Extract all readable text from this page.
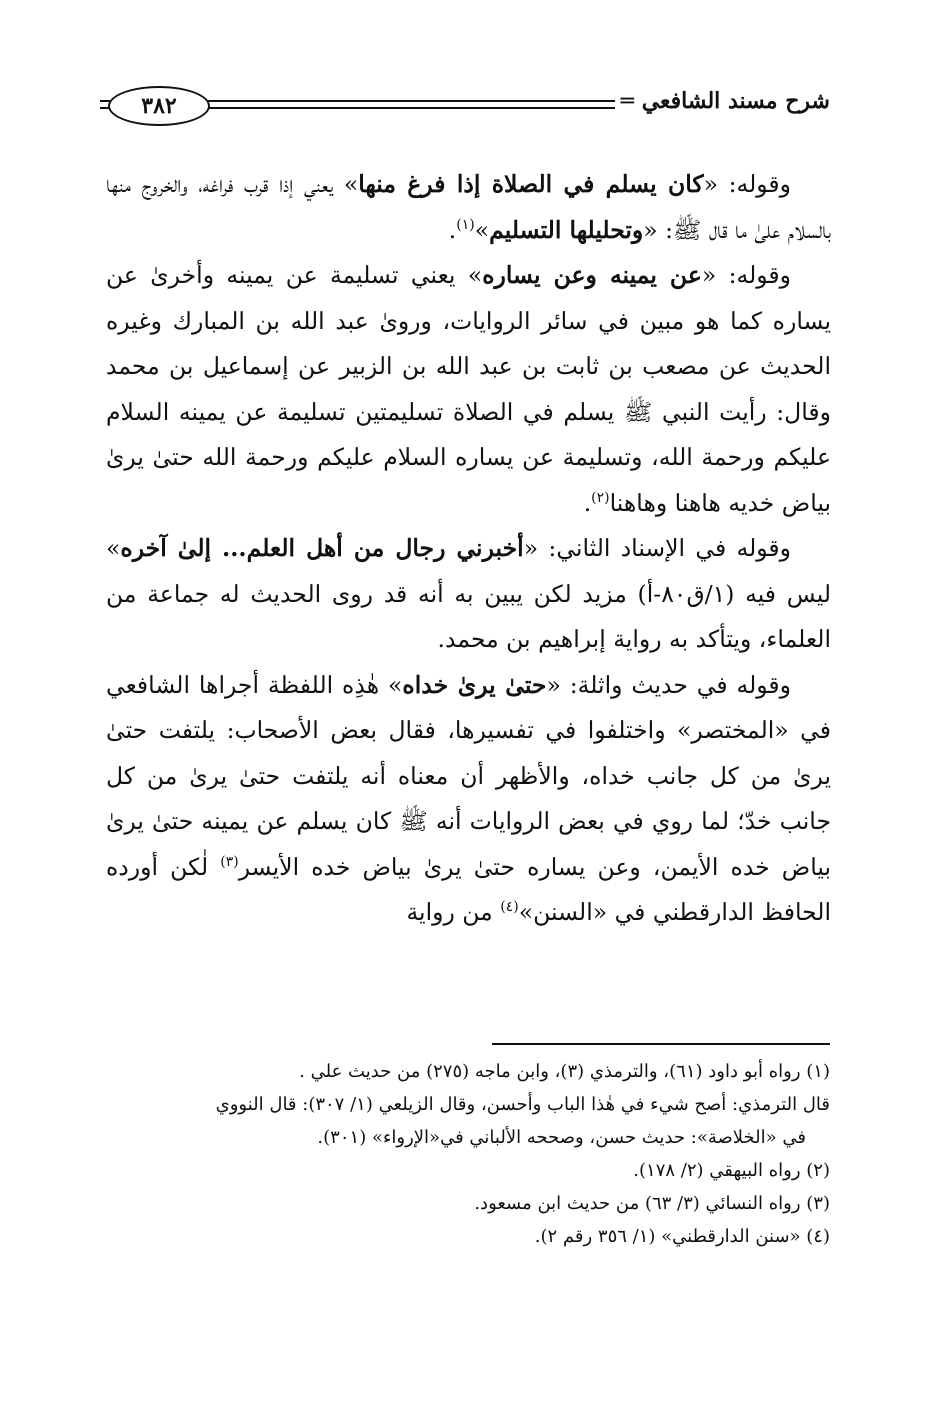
٣٨٢	شرح مسند الشافعي ═

وقوله: «كان يسلم في الصلاة إذا فرغ منها» يعني إذا قرب فراغه، والخروج منها بالسلام علىٰ ما قال ﷺ: «وتحليلها التسليم»$^{(١)}$.

وقوله: «عن يمينه وعن يساره» يعني تسليمة عن يمينه وأخرىٰ عن يساره كما هو مبين في سائر الروايات، وروىٰ عبد الله بن المبارك وغيره الحديث عن مصعب بن ثابت بن عبد الله بن الزبير عن إسماعيل بن محمد وقال: رأيت النبي ﷺ يسلم في الصلاة تسليمتين تسليمة عن يمينه السلام عليكم ورحمة الله، وتسليمة عن يساره السلام عليكم ورحمة الله حتىٰ يرىٰ بياض خديه هاهنا وهاهنا$^{(٢)}$.

وقوله في الإسناد الثاني: «أخبرني رجال من أهل العلم... إلىٰ آخره» ليس فيه (١/ق٨٠-أ) مزيد لكن يبين به أنه قد روى الحديث له جماعة من العلماء، ويتأكد به رواية إبراهيم بن محمد.

وقوله في حديث واثلة: «حتىٰ يرىٰ خداه» هٰذِه اللفظة أجراها الشافعي في «المختصر» واختلفوا في تفسيرها، فقال بعض الأصحاب: يلتفت حتىٰ يرىٰ من كل جانب خداه، والأظهر أن معناه أنه يلتفت حتىٰ يرىٰ من كل جانب خدّ؛ لما روي في بعض الروايات أنه ﷺ كان يسلم عن يمينه حتىٰ يرىٰ بياض خده الأيمن، وعن يساره حتىٰ يرىٰ بياض خده الأيسر$^{(٣)}$ لٰكن أورده الحافظ الدارقطني في «السنن»$^{(٤)}$ من رواية

(١) رواه أبو داود (٦١)، والترمذي (٣)، وابن ماجه (٢٧٥) من حديث علي .

قال الترمذي: أصح شيء في هٰذا الباب وأحسن، وقال الزيلعي (١/ ٣٠٧): قال النووي

في «الخلاصة»: حديث حسن، وصححه الألباني في«الإرواء» (٣٠١).

(٢) رواه البيهقي (٢/ ١٧٨).

(٣) رواه النسائي (٣/ ٦٣) من حديث ابن مسعود.

(٤) «سنن الدارقطني» (١/ ٣٥٦ رقم ٢).
